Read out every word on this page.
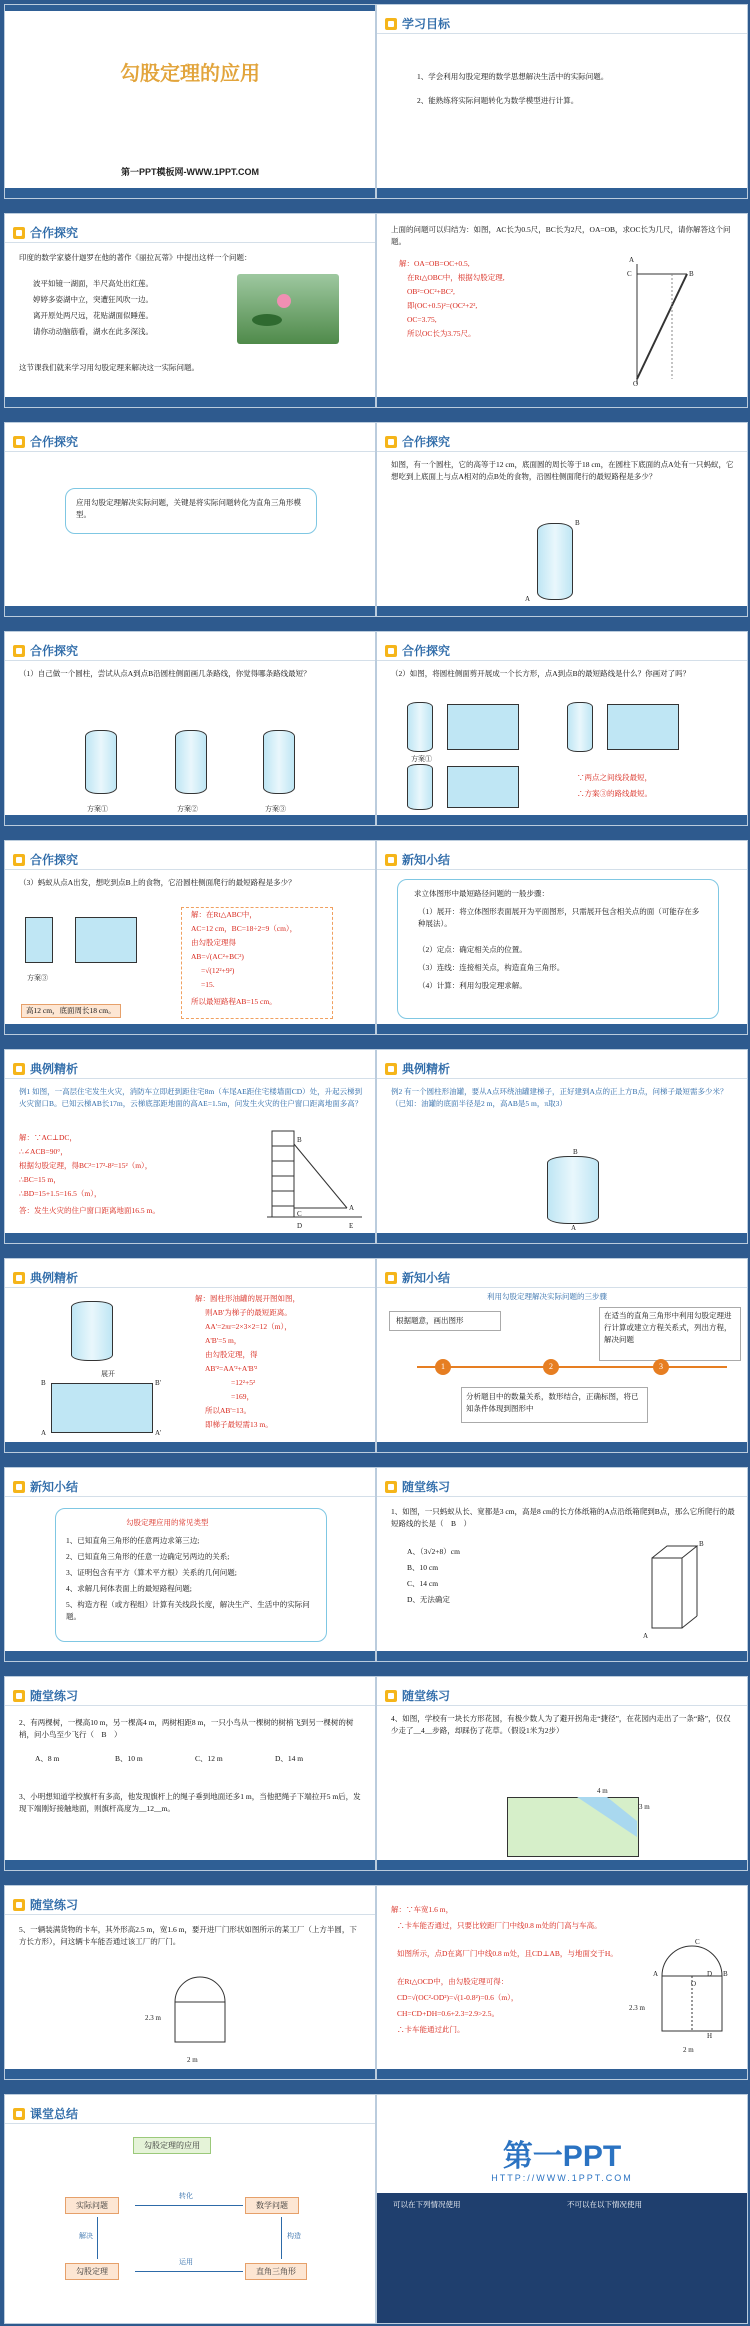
勾股定理的应用
第一PPT模板网-WWW.1PPT.COM
学习目标
1、学会利用勾股定理的数学思想解决生活中的实际问题。
2、能熟练将实际问题转化为数学模型进行计算。
合作探究
印度的数学家婆什迦罗在他的著作《丽拉瓦蒂》中提出这样一个问题：
波平如镜一湖面，半尺高处出红莲。
婷婷多姿湖中立，突遭狂风吹一边。
离开原处两尺远，花贴湖面似睡莲。
请你动动脑筋看，湖水在此多深浅。
这节课我们就来学习用勾股定理来解决这一实际问题。
上面的问题可以归结为：如图，AC长为0.5尺，BC长为2尺，OA=OB，求OC长为几尺，请你解答这个问题。
解：OA=OB=OC+0.5,
在Rt△OBC中，根据勾股定理,
OB²=OC²+BC²,
即(OC+0.5)²=(OC²+2²,
OC=3.75,
所以OC长为3.75尺。
A
C	B
O
合作探究
应用勾股定理解决实际问题，关键是将实际问题转化为直角三角形模型。
合作探究
如图，有一个圆柱，它的高等于12 cm，底面圆的周长等于18 cm，在圆柱下底面的点A处有一只蚂蚁，它想吃到上底面上与点A相对的点B处的食物，沿圆柱侧面爬行的最短路程是多少？
B
A
合作探究
（1）自己做一个圆柱，尝试从点A到点B沿圆柱侧面画几条路线，你觉得哪条路线最短？
方案①	方案②	方案③
合作探究
（2）如图，将圆柱侧面剪开展成一个长方形，点A到点B的最短路线是什么？你画对了吗？
方案①
∵两点之间线段最短，
∴方案③的路线最短。
合作探究
（3）蚂蚁从点A出发，想吃到点B上的食物，它沿圆柱侧面爬行的最短路程是多少？
方案③
高12 cm，底面周长18 cm。
解：在Rt△ABC中，
AC=12 cm，BC=18÷2=9（cm），
由勾股定理得
AB=√(AC²+BC²)
=√(12²+9²)
=15.
所以最短路程AB=15 cm。
新知小结
求立体图形中最短路径问题的一般步骤：
（1）展开：将立体图形表面展开为平面图形，只需展开包含相关点的面（可能存在多种展法）。
（2）定点：确定相关点的位置。
（3）连线：连接相关点，构造直角三角形。
（4）计算：利用勾股定理求解。
典例精析
例1 如图，一高层住宅发生火灾，消防车立即赶到距住宅8m（车尾AE距住宅楼墙面CD）处，升起云梯到火灾窗口B。已知云梯AB长17m，云梯底部距地面的高AE=1.5m，问发生火灾的住户窗口距离地面多高？
解：∵AC⊥DC，
∴∠ACB=90°，
根据勾股定理，得BC²=17²-8²=15²（m），
∴BC=15 m，
∴BD=15+1.5=16.5（m），
答：发生火灾的住户窗口距离地面16.5 m。
B
A
C
D	E
典例精析
例2 有一个圆柱形油罐，要从A点环绕油罐建梯子，正好建到A点的正上方B点，问梯子最短需多少米？（已知：油罐的底面半径是2 m，高AB是5 m，π取3）
B
A
典例精析
展开
B
A
B'
A'
解：圆柱形油罐的展开图如图，
则AB'为梯子的最短距离。
AA'=2πr=2×3×2=12（m），
A'B'=5 m，
由勾股定理，得
AB'²=AA'²+A'B'²
=12²+5²
=169，
所以AB'=13。
即梯子最短需13 m。
新知小结
利用勾股定理解决实际问题的三步骤
根据题意，画出图形
在适当的直角三角形中利用勾股定理进行计算或建立方程关系式，列出方程，解决问题
1	2	3
分析题目中的数量关系，数形结合，正确标图，将已知条件体现到图形中
新知小结
勾股定理应用的常见类型
1、已知直角三角形的任意两边求第三边;
2、已知直角三角形的任意一边确定另两边的关系;
3、证明包含有平方（算术平方根）关系的几何问题;
4、求解几何体表面上的最短路程问题;
5、构造方程（或方程组）计算有关线段长度，解决生产、生活中的实际问题。
随堂练习
1、如图，一只蚂蚁从长、宽都是3 cm，高是8 cm的长方体纸箱的A点沿纸箱爬到B点，那么它所爬行的最短路线的长是（　B　）
A、（3√2+8）cm
B、10 cm
C、14 cm
D、无法确定
B
A
随堂练习
2、有两棵树，一棵高10 m，另一棵高4 m，两树相距8 m，一只小鸟从一棵树的树梢飞到另一棵树的树梢，问小鸟至少飞行（　B　）
A、8 m	B、10 m	C、12 m	D、14 m
3、小明想知道学校旗杆有多高，他发现旗杆上的绳子垂到地面还多1 m，当他把绳子下端拉开5 m后，发现下端刚好接触地面，则旗杆高度为__12__m。
随堂练习
4、如图，学校有一块长方形花园，有极少数人为了避开拐角走“捷径”，在花园内走出了一条“路”，仅仅少走了__4__步路，却踩伤了花草。（假设1米为2步）
4 m
3 m
随堂练习
5、一辆装满货物的卡车，其外形高2.5 m，宽1.6 m，要开进厂门形状如图所示的某工厂（上方半圆，下方长方形），问这辆卡车能否通过该工厂的厂门。
2.3 m
2 m
解：∵车宽1.6 m，
∴卡车能否通过，只要比较距厂门中线0.8 m处的门高与车高。
如图所示，点D在离厂门中线0.8 m处，且CD⊥AB，与地面交于H。
在Rt△OCD中，由勾股定理可得：
CD=√(OC²-OD²)=√(1-0.8²)=0.6（m），
CH=CD+DH=0.6+2.3=2.9>2.5。
∴卡车能通过此门。
C
A	D
O
B
H
2.3 m
2 m
课堂总结
勾股定理的应用
实际问题	数学问题
勾股定理	直角三角形
转化
解决	构造
运用
第一PPT
HTTP://WWW.1PPT.COM
可以在下列情况使用	不可以在以下情况使用
